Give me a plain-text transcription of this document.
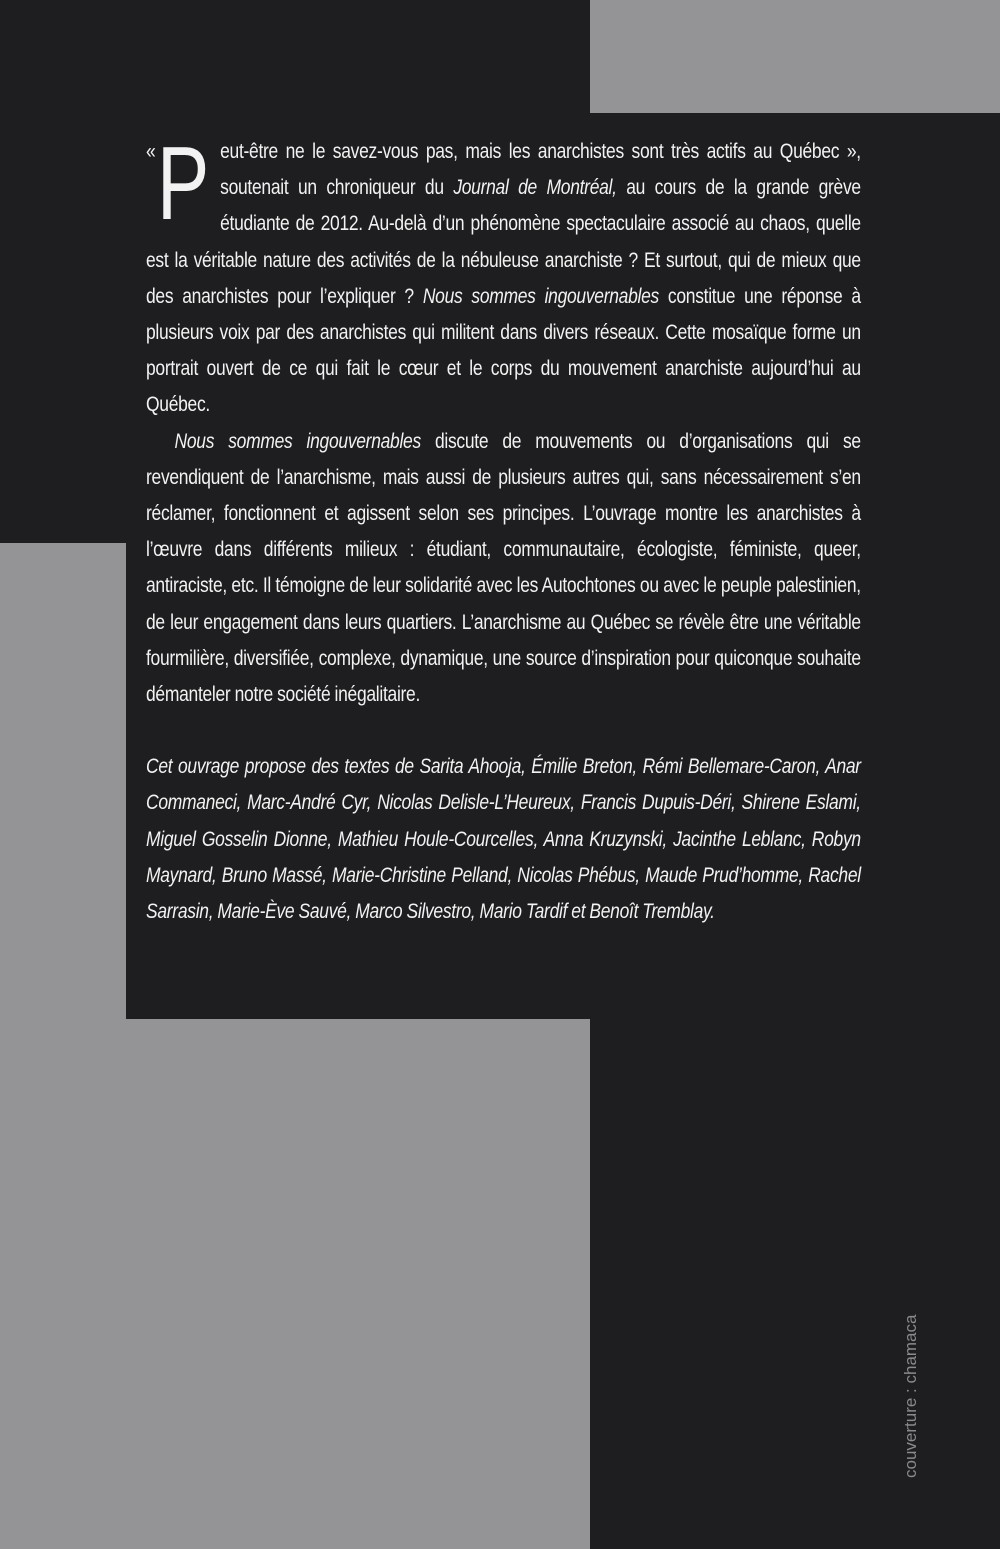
« P eut-être ne le savez-vous pas, mais les anarchistes sont très actifs au Québec », soutenait un chroniqueur du Journal de Montréal, au cours de la grande grève étudiante de 2012. Au-delà d’un phénomène spectaculaire associé au chaos, quelle est la véritable nature des activités de la nébuleuse anarchiste ? Et surtout, qui de mieux que des anarchistes pour l’expliquer ? Nous sommes ingouvernables constitue une réponse à plusieurs voix par des anarchistes qui militent dans divers réseaux. Cette mosaïque forme un portrait ouvert de ce qui fait le cœur et le corps du mouvement anarchiste aujourd’hui au Québec.

Nous sommes ingouvernables discute de mouvements ou d’organisations qui se revendiquent de l’anarchisme, mais aussi de plusieurs autres qui, sans nécessairement s’en réclamer, fonctionnent et agissent selon ses principes. L’ouvrage montre les anarchistes à l’œuvre dans différents milieux : étudiant, communautaire, écologiste, féministe, queer, antiraciste, etc. Il témoigne de leur solidarité avec les Autochtones ou avec le peuple palestinien, de leur engagement dans leurs quartiers. L’anarchisme au Québec se révèle être une véritable fourmilière, diversifiée, complexe, dynamique, une source d’inspiration pour quiconque souhaite démanteler notre société inégalitaire.

Cet ouvrage propose des textes de Sarita Ahooja, Émilie Breton, Rémi Bellemare-Caron, Anar Commaneci, Marc-André Cyr, Nicolas Delisle-L’Heureux, Francis Dupuis-Déri, Shirene Eslami, Miguel Gosselin Dionne, Mathieu Houle-Courcelles, Anna Kruzynski, Jacinthe Leblanc, Robyn Maynard, Bruno Massé, Marie-Christine Pelland, Nicolas Phébus, Maude Prud’homme, Rachel Sarrasin, Marie-Ève Sauvé, Marco Silvestro, Mario Tardif et Benoît Tremblay.

couverture : chamaca
